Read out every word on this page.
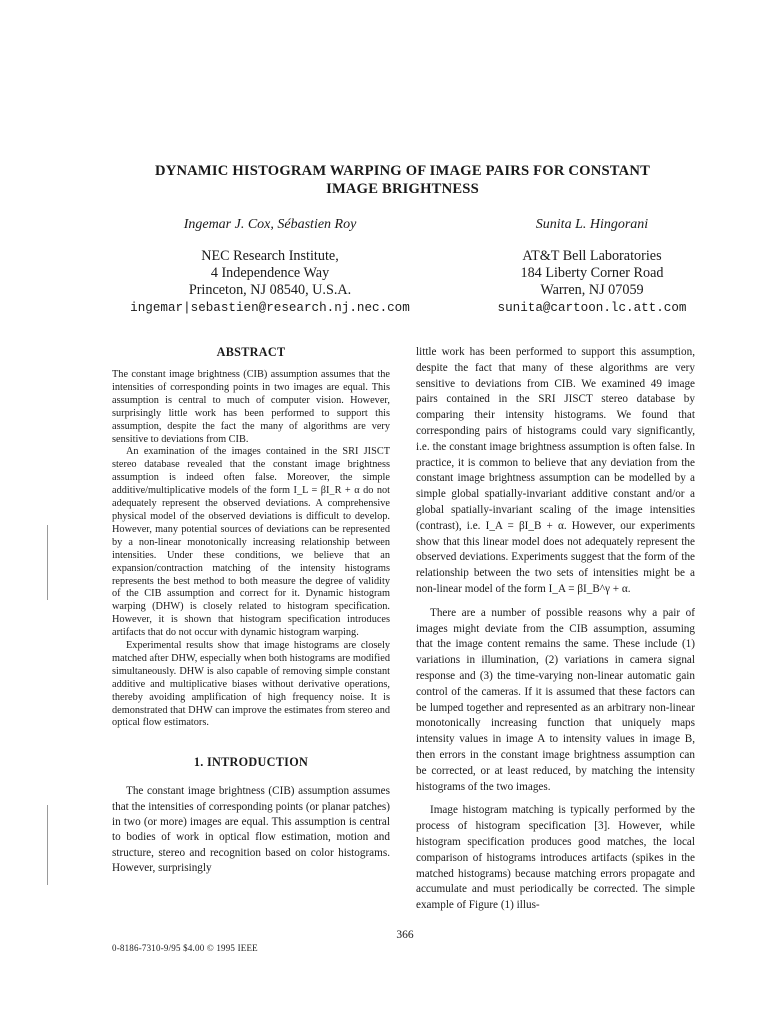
DYNAMIC HISTOGRAM WARPING OF IMAGE PAIRS FOR CONSTANT
IMAGE BRIGHTNESS
Ingemar J. Cox, Sébastien Roy
NEC Research Institute,
4 Independence Way
Princeton, NJ 08540, U.S.A.
ingemar|sebastien@research.nj.nec.com
Sunita L. Hingorani
AT&T Bell Laboratories
184 Liberty Corner Road
Warren, NJ 07059
sunita@cartoon.lc.att.com
ABSTRACT

The constant image brightness (CIB) assumption assumes that the intensities of corresponding points in two images are equal. This assumption is central to much of computer vision. However, surprisingly little work has been performed to support this assumption, despite the fact the many of algorithms are very sensitive to deviations from CIB.

An examination of the images contained in the SRI JISCT stereo database revealed that the constant image brightness assumption is indeed often false. Moreover, the simple additive/multiplicative models of the form I_L = βI_R + α do not adequately represent the observed deviations. A comprehensive physical model of the observed deviations is difficult to develop. However, many potential sources of deviations can be represented by a non-linear monotonically increasing relationship between intensities. Under these conditions, we believe that an expansion/contraction matching of the intensity histograms represents the best method to both measure the degree of validity of the CIB assumption and correct for it. Dynamic histogram warping (DHW) is closely related to histogram specification. However, it is shown that histogram specification introduces artifacts that do not occur with dynamic histogram warping.

Experimental results show that image histograms are closely matched after DHW, especially when both histograms are modified simultaneously. DHW is also capable of removing simple constant additive and multiplicative biases without derivative operations, thereby avoiding amplification of high frequency noise. It is demonstrated that DHW can improve the estimates from stereo and optical flow estimators.

1. INTRODUCTION

The constant image brightness (CIB) assumption assumes that the intensities of corresponding points (or planar patches) in two (or more) images are equal. This assumption is central to bodies of work in optical flow estimation, motion and structure, stereo and recognition based on color histograms. However, surprisingly

little work has been performed to support this assumption, despite the fact that many of these algorithms are very sensitive to deviations from CIB. We examined 49 image pairs contained in the SRI JISCT stereo database by comparing their intensity histograms. We found that corresponding pairs of histograms could vary significantly, i.e. the constant image brightness assumption is often false. In practice, it is common to believe that any deviation from the constant image brightness assumption can be modelled by a simple global spatially-invariant additive constant and/or a global spatially-invariant scaling of the image intensities (contrast), i.e. I_A = βI_B + α. However, our experiments show that this linear model does not adequately represent the observed deviations. Experiments suggest that the form of the relationship between the two sets of intensities might be a non-linear model of the form I_A = βI_B^γ + α.

There are a number of possible reasons why a pair of images might deviate from the CIB assumption, assuming that the image content remains the same. These include (1) variations in illumination, (2) variations in camera signal response and (3) the time-varying non-linear automatic gain control of the cameras. If it is assumed that these factors can be lumped together and represented as an arbitrary non-linear monotonically increasing function that uniquely maps intensity values in image A to intensity values in image B, then errors in the constant image brightness assumption can be corrected, or at least reduced, by matching the intensity histograms of the two images.

Image histogram matching is typically performed by the process of histogram specification [3]. However, while histogram specification produces good matches, the local comparison of histograms introduces artifacts (spikes in the matched histograms) because matching errors propagate and accumulate and must periodically be corrected. The simple example of Figure (1) illus-

366
0-8186-7310-9/95 $4.00 © 1995 IEEE
